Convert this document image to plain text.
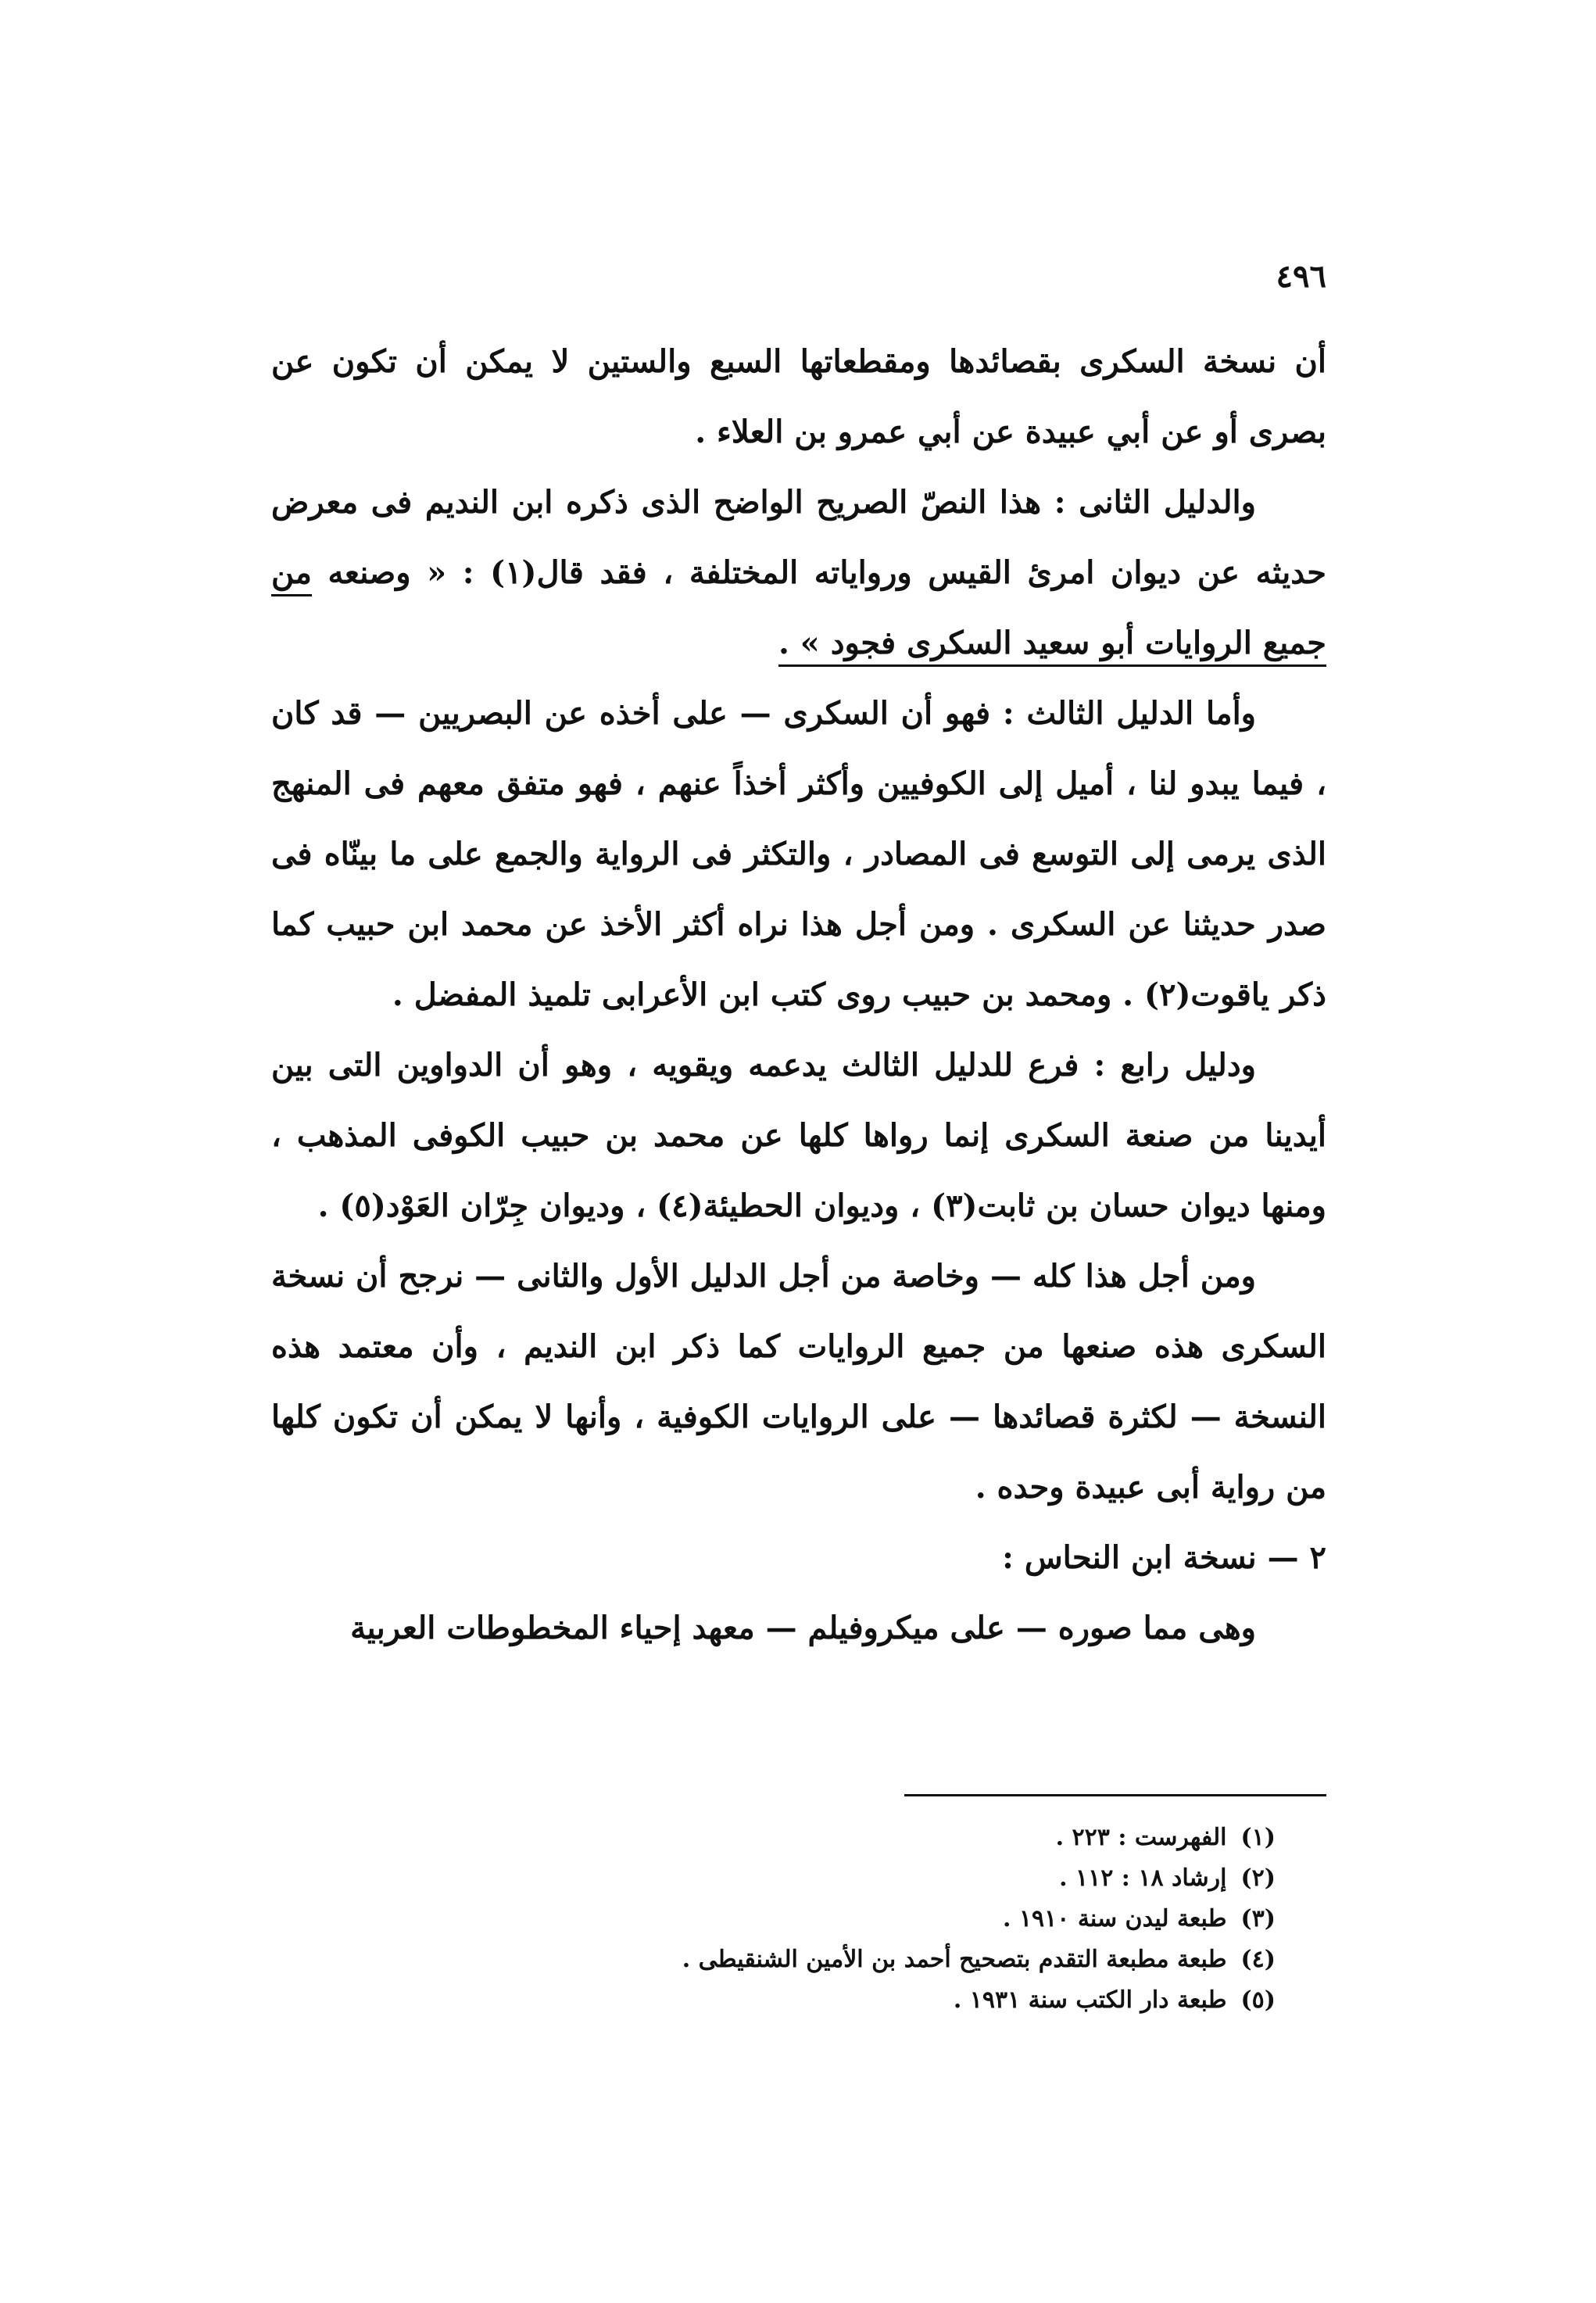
٤٩٦

أن نسخة السكرى بقصائدها ومقطعاتها السبع والستين لا يمكن أن تكون عن بصرى أو عن أبي عبيدة عن أبي عمرو بن العلاء .

والدليل الثانى : هذا النصّ الصريح الواضح الذى ذكره ابن النديم فى معرض حديثه عن ديوان امرئ القيس ورواياته المختلفة ، فقد قال(١) : « وصنعه من جميع الروايات أبو سعيد السكرى فجود » .

وأما الدليل الثالث : فهو أن السكرى — على أخذه عن البصريين — قد كان ، فيما يبدو لنا ، أميل إلى الكوفيين وأكثر أخذاً عنهم ، فهو متفق معهم فى المنهج الذى يرمى إلى التوسع فى المصادر ، والتكثر فى الرواية والجمع على ما بينّاه فى صدر حديثنا عن السكرى . ومن أجل هذا نراه أكثر الأخذ عن محمد ابن حبيب كما ذكر ياقوت(٢) . ومحمد بن حبيب روى كتب ابن الأعرابى تلميذ المفضل .

ودليل رابع : فرع للدليل الثالث يدعمه ويقويه ، وهو أن الدواوين التى بين أيدينا من صنعة السكرى إنما رواها كلها عن محمد بن حبيب الكوفى المذهب ، ومنها ديوان حسان بن ثابت(٣) ، وديوان الحطيئة(٤) ، وديوان جِرّان العَوْد(٥) .

ومن أجل هذا كله — وخاصة من أجل الدليل الأول والثانى — نرجح أن نسخة السكرى هذه صنعها من جميع الروايات كما ذكر ابن النديم ، وأن معتمد هذه النسخة — لكثرة قصائدها — على الروايات الكوفية ، وأنها لا يمكن أن تكون كلها من رواية أبى عبيدة وحده .

٢ — نسخة ابن النحاس :

وهى مما صوره — على ميكروفيلم — معهد إحياء المخطوطات العربية

(١)الفهرست : ٢٢٣ .
(٢)إرشاد ١٨ : ١١٢ .
(٣)طبعة ليدن سنة ١٩١٠ .
(٤)طبعة مطبعة التقدم بتصحيح أحمد بن الأمين الشنقيطى .
(٥)طبعة دار الكتب سنة ١٩٣١ .
